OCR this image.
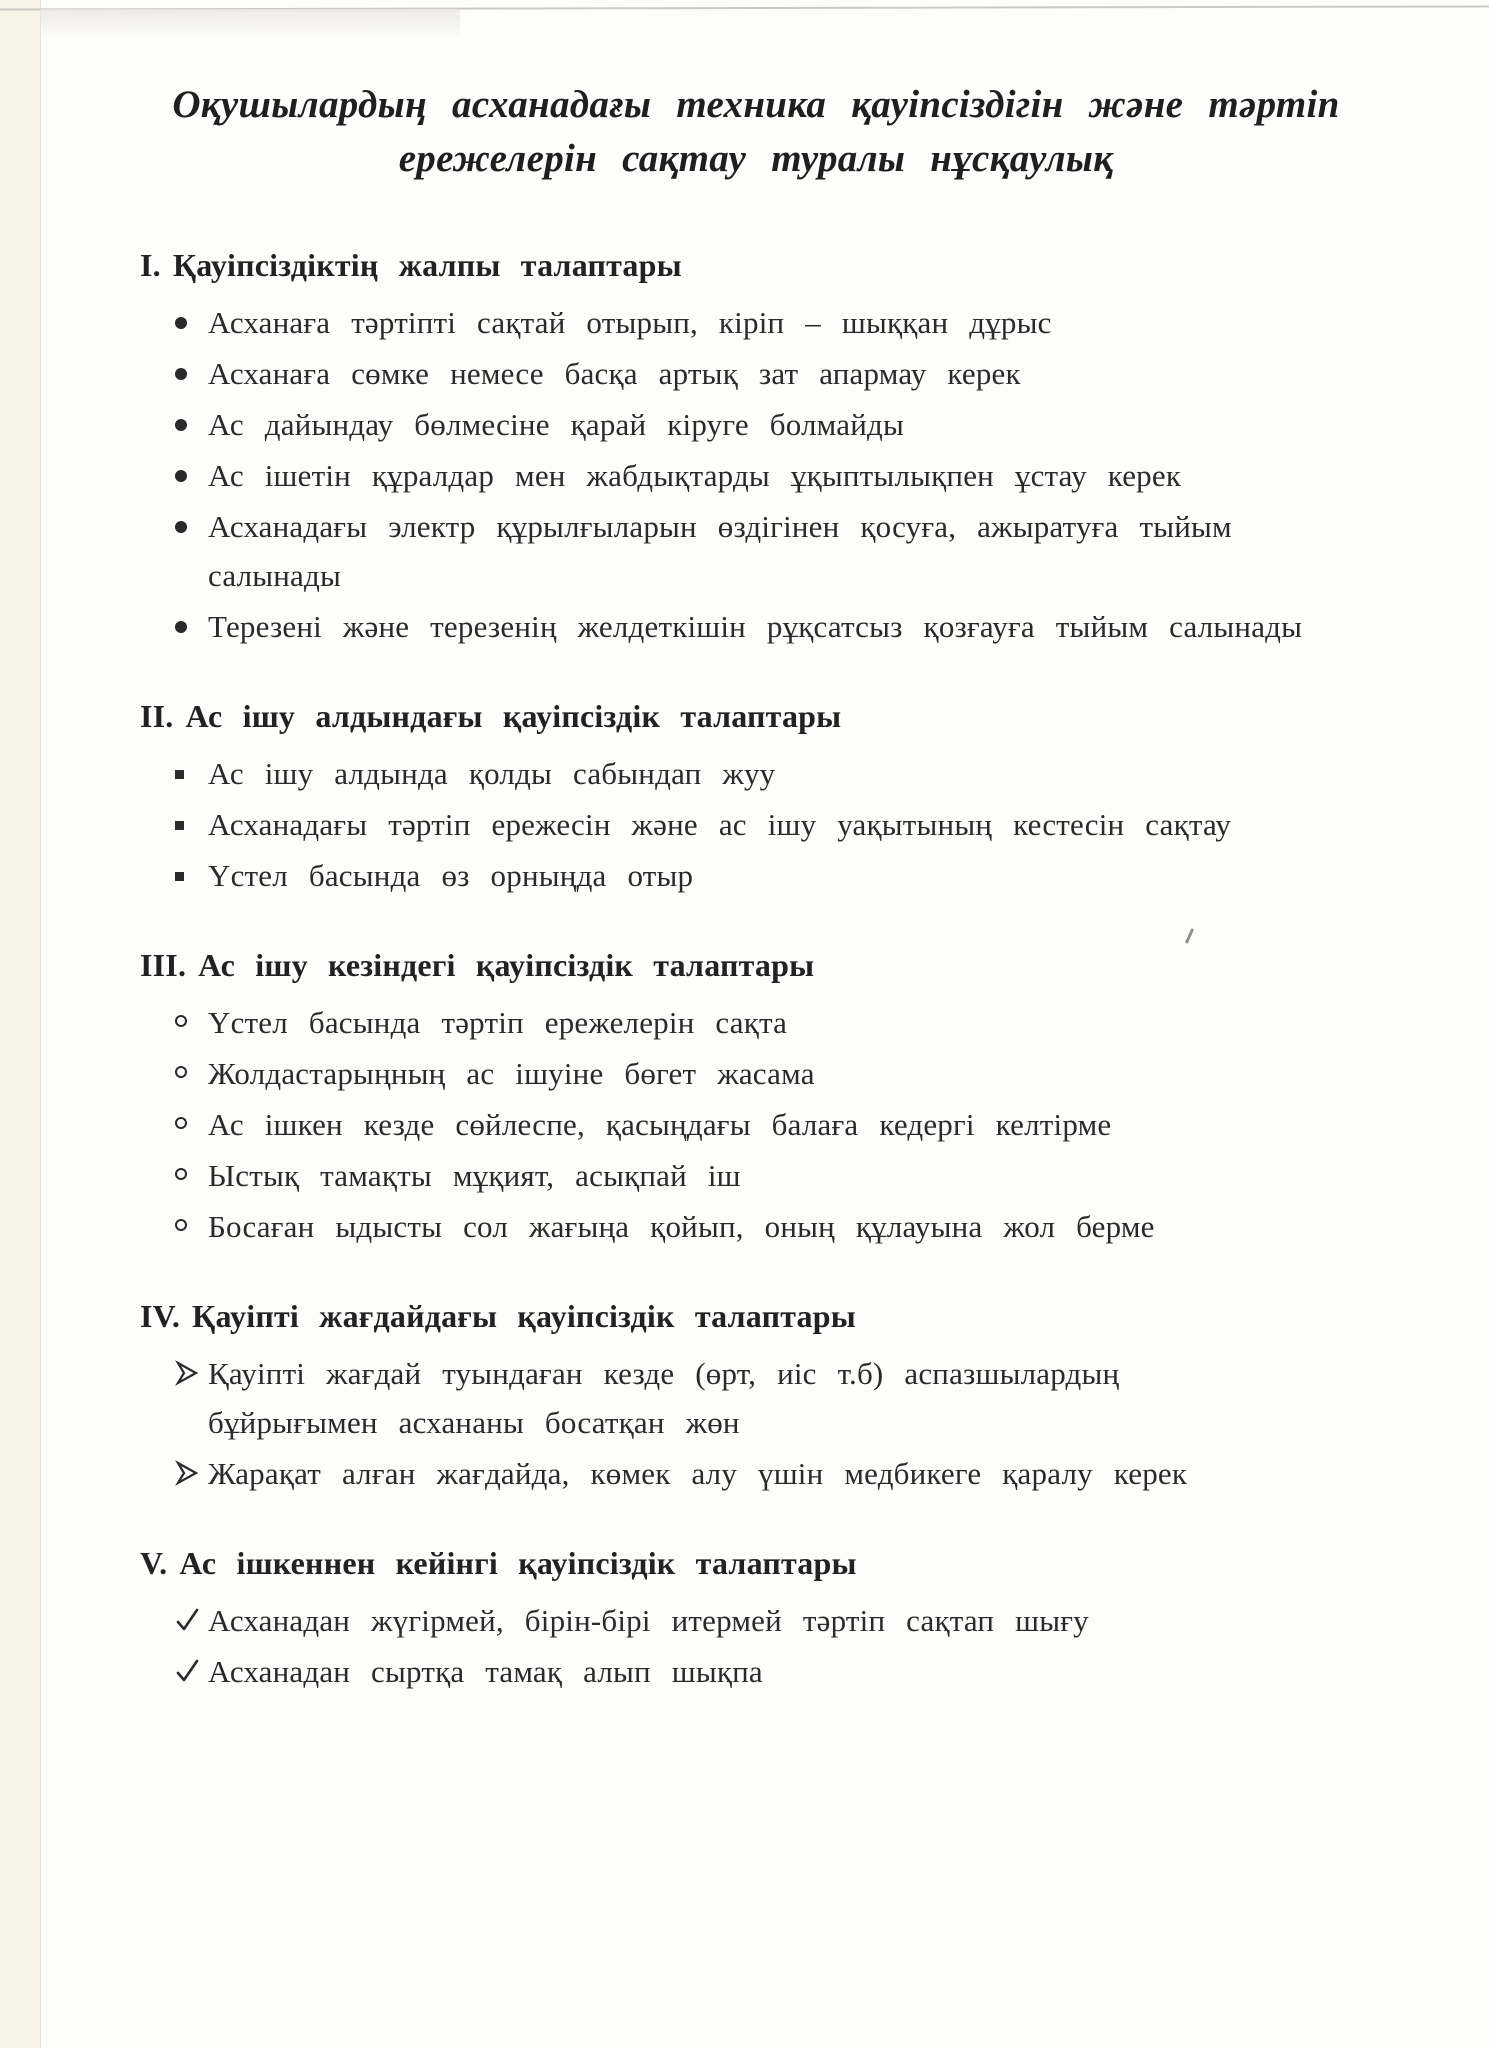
Оқушылардың асханадағы техника қауіпсіздігін және тәртіп
ережелерін сақтау туралы нұсқаулық
I. Қауіпсіздіктің жалпы талаптары
Асханаға тәртіпті сақтай отырып, кіріп – шыққан дұрыс
Асханаға сөмке немесе басқа артық зат апармау керек
Ас дайындау бөлмесіне қарай кіруге болмайды
Ас ішетін құралдар мен жабдықтарды ұқыптылықпен ұстау керек
Асханадағы электр құрылғыларын өздігінен қосуға, ажыратуға тыйым салынады
Терезені және терезенің желдеткішін рұқсатсыз қозғауға тыйым салынады
II. Ас ішу алдындағы қауіпсіздік талаптары
Ас ішу алдында қолды сабындап жуу
Асханадағы тәртіп ережесін және ас ішу уақытының кестесін сақтау
Үстел басында өз орныңда отыр
III. Ас ішу кезіндегі қауіпсіздік талаптары
Үстел басында тәртіп ережелерін сақта
Жолдастарыңның ас ішуіне бөгет жасама
Ас ішкен кезде сөйлеспе, қасыңдағы балаға кедергі келтірме
Ыстық тамақты мұқият, асықпай іш
Босаған ыдысты сол жағыңа қойып, оның құлауына жол берме
IV. Қауіпті жағдайдағы қауіпсіздік талаптары
Қауіпті жағдай туындаған кезде (өрт, иіс т.б) аспазшылардың бұйрығымен асхананы босатқан жөн
Жарақат алған жағдайда, көмек алу үшін медбикеге қаралу керек
V. Ас ішкеннен кейінгі қауіпсіздік талаптары
Асханадан жүгірмей, бірін-бірі итермей тәртіп сақтап шығу
Асханадан сыртқа тамақ алып шықпа
